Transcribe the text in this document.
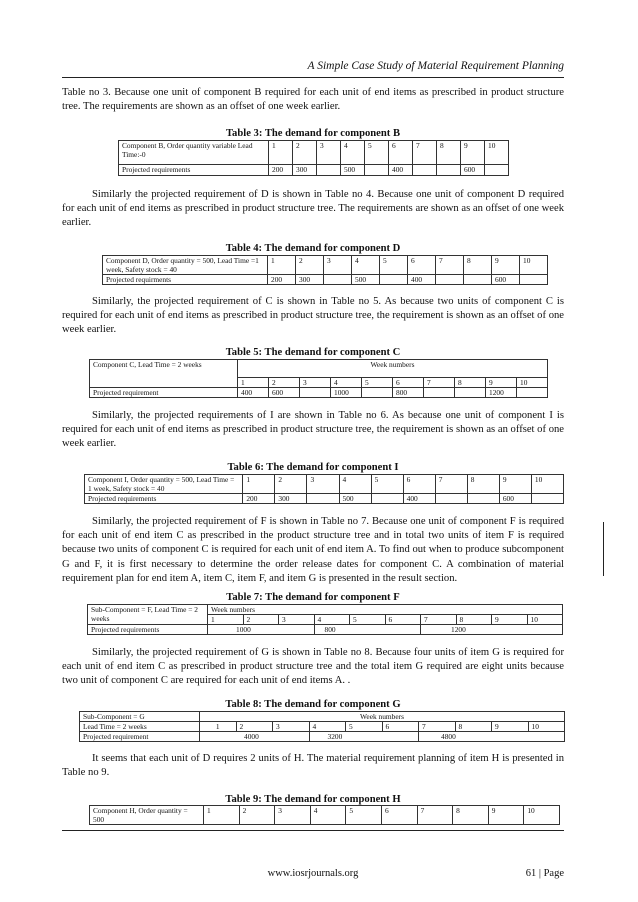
A Simple Case Study of Material Requirement Planning

Table no 3. Because one unit of component B required for each unit of end items as prescribed in product structure tree. The requirements are shown as an offset of one week earlier.

Table 3: The demand for component B
Component B, Order quantity variable Lead Time:-0	1	2	3	4	5	6	7	8	9	10
Projected requirements	200	300		500		400			600	

Similarly the projected requirement of D is shown in Table no 4. Because one unit of component D required for each unit of end items as prescribed in product structure tree. The requirements are shown as an offset of one week earlier.

Table 4: The demand for component D
Component D, Order quantity = 500, Lead Time =1 week, Safety stock = 40	1	2	3	4	5	6	7	8	9	10
Projected requirments	200	300		500		400			600	

Similarly, the projected requirement of C is shown in Table no 5. As because two units of component C is required for each unit of end items as prescribed in product structure tree, the requirement is shown as an offset of one week earlier.

Table 5: The demand for component C
Component C, Lead Time = 2 weeks	Week numbers									
	1	2	3	4	5	6	7	8	9	10
Projected requirement	400	600		1000		800			1200	

Similarly, the projected requirements of I are shown in Table no 6. As because one unit of component I is required for each unit of end items as prescribed in product structure tree, the requirement is shown as an offset of one week earlier.

Table 6: The demand for component I
Component I, Order quantity = 500, Lead Time = 1 week, Safety stock = 40	1	2	3	4	5	6	7	8	9	10
Projected requirements	200	300		500		400			600	

Similarly, the projected requirement of F is shown in Table no 7. Because one unit of component F is required for each unit of end item C as prescribed in the product structure tree and in total two units of item F is required because two units of component C is required for each unit of end item A. To find out when to produce subcomponent G and F, it is first necessary to determine the order release dates for component C. A combination of material requirement plan for end item A, item C, item F, and item G is presented in the result section.

Table 7: The demand for component F
Sub-Component = F, Lead Time = 2 weeks	Week numbers									
	1	2	3	4	5	6	7	8	9	10
Projected requirements	1000			800			1200			

Similarly, the projected requirement of G is shown in Table no 8. Because four units of item G is required for each unit of end item C as prescribed in product structure tree and the total item G required are eight units because two unit of component C are required for each unit of end items A. .

Table 8: The demand for component G
Sub-Component = G	Week numbers									
Lead Time = 2 weeks	1	2	3	4	5	6	7	8	9	10
Projected requirement	4000			3200			4800			

It seems that each unit of D requires 2 units of H. The material requirement planning of item H is presented in Table no 9.

Table 9: The demand for component H
Component H, Order quantity = 500	1	2	3	4	5	6	7	8	9	10
www.iosrjournals.org	61 | Page
